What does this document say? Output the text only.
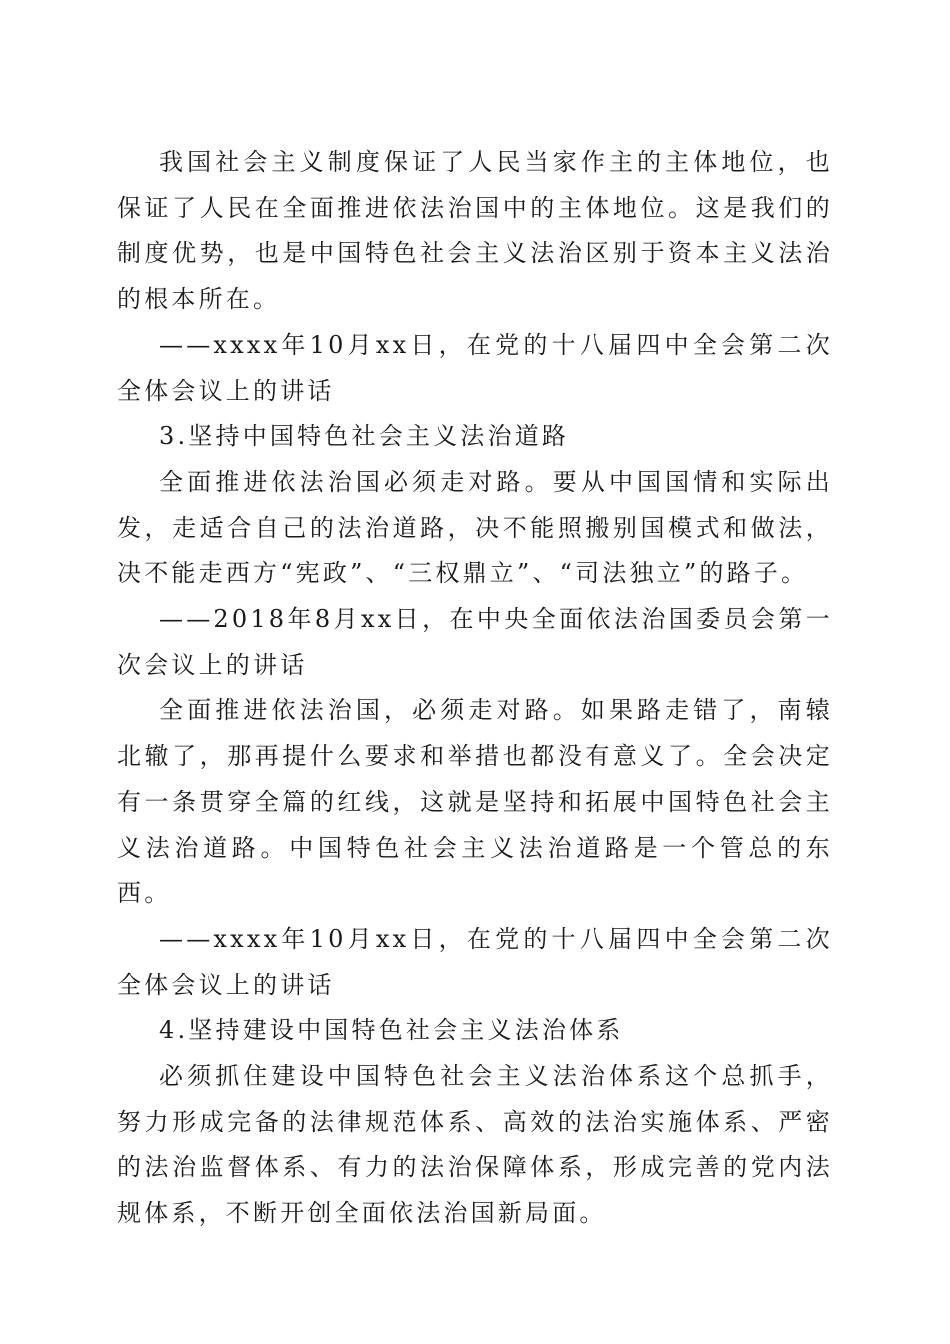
我国社会主义制度保证了人民当家作主的主体地位，也保证了人民在全面推进依法治国中的主体地位。这是我们的制度优势，也是中国特色社会主义法治区别于资本主义法治的根本所在。

——xxxx年10月xx日，在党的十八届四中全会第二次全体会议上的讲话

3.坚持中国特色社会主义法治道路

全面推进依法治国必须走对路。要从中国国情和实际出发，走适合自己的法治道路，决不能照搬别国模式和做法，决不能走西方“宪政”、“三权鼎立”、“司法独立”的路子。

——2018年8月xx日，在中央全面依法治国委员会第一次会议上的讲话

全面推进依法治国，必须走对路。如果路走错了，南辕北辙了，那再提什么要求和举措也都没有意义了。全会决定有一条贯穿全篇的红线，这就是坚持和拓展中国特色社会主义法治道路。中国特色社会主义法治道路是一个管总的东西。

——xxxx年10月xx日，在党的十八届四中全会第二次全体会议上的讲话

4.坚持建设中国特色社会主义法治体系

必须抓住建设中国特色社会主义法治体系这个总抓手，努力形成完备的法律规范体系、高效的法治实施体系、严密的法治监督体系、有力的法治保障体系，形成完善的党内法规体系，不断开创全面依法治国新局面。
